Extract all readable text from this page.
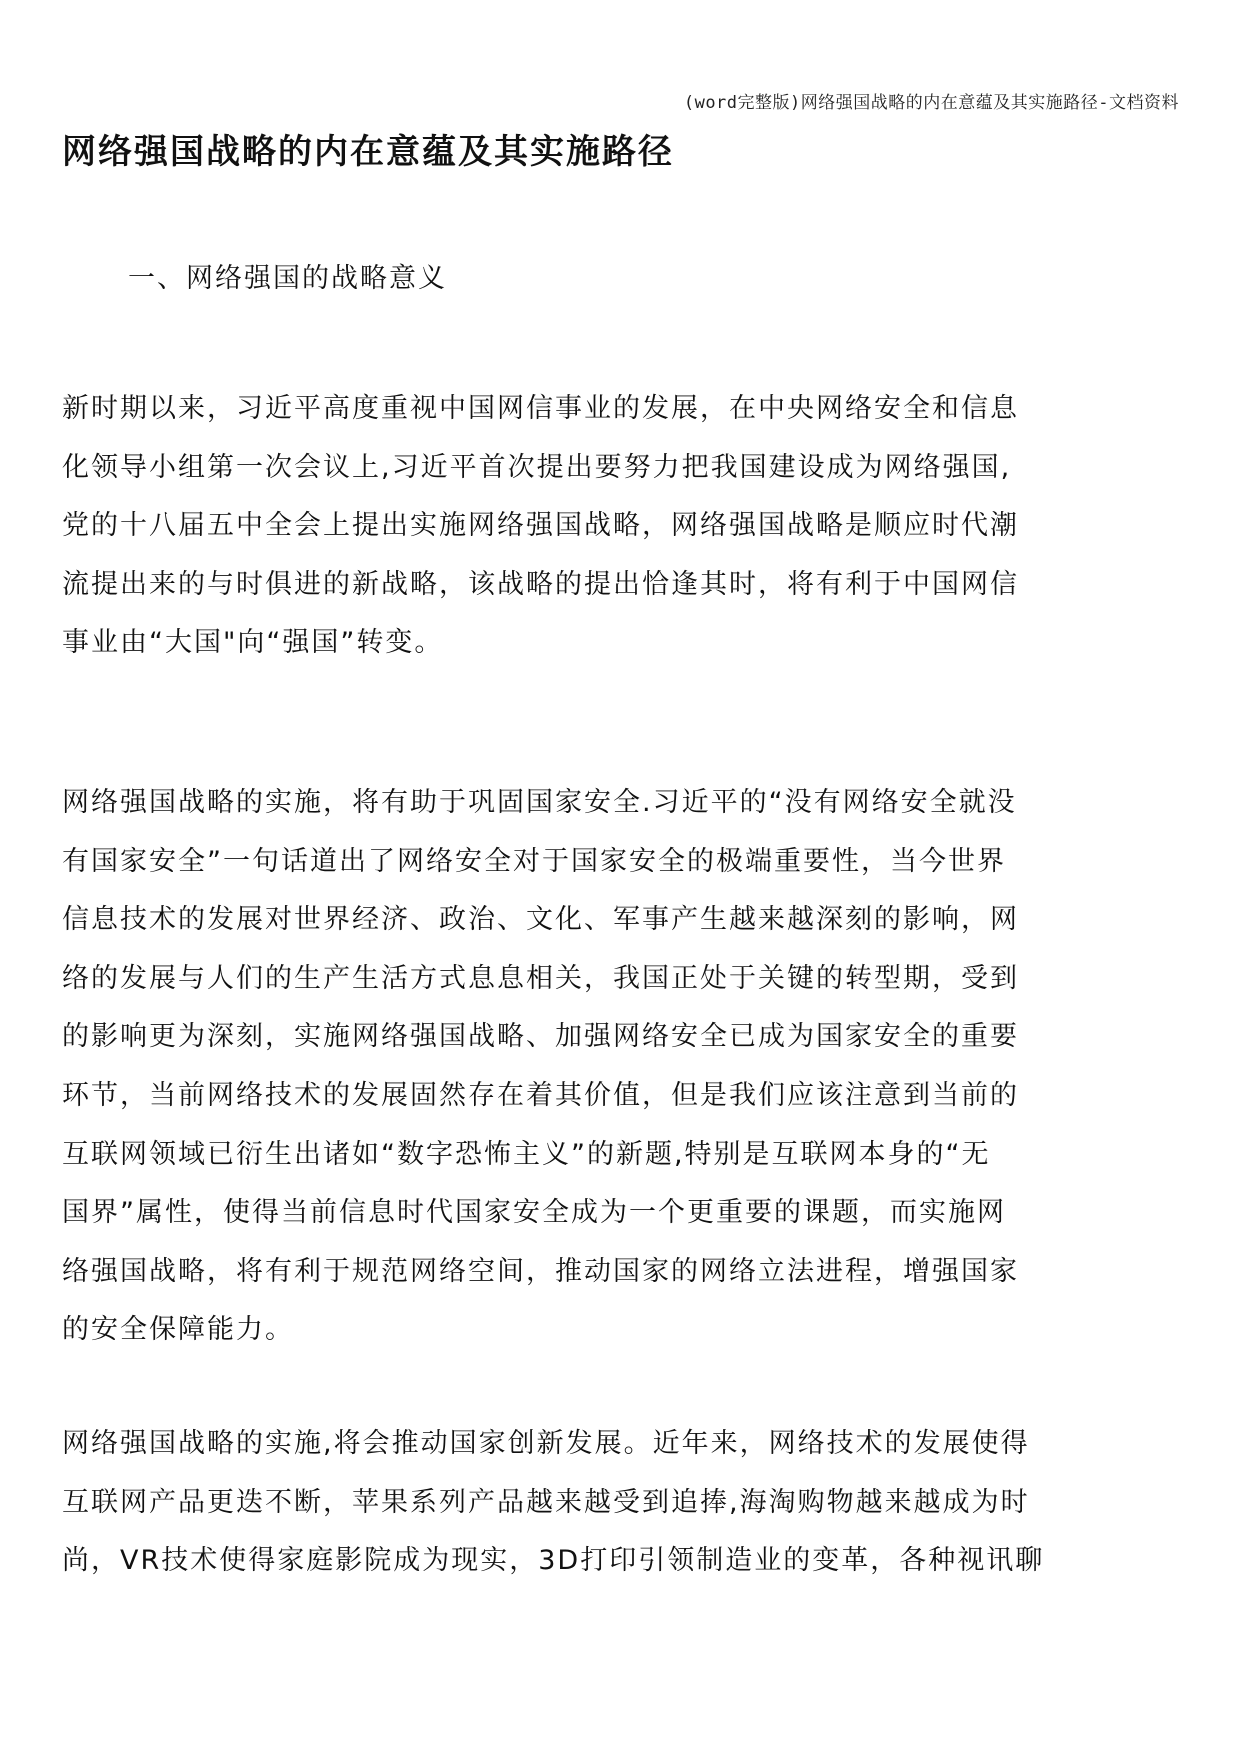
(word完整版)网络强国战略的内在意蕴及其实施路径-文档资料
网络强国战略的内在意蕴及其实施路径
一、网络强国的战略意义
新时期以来，习近平高度重视中国网信事业的发展，在中央网络安全和信息
化领导小组第一次会议上,习近平首次提出要努力把我国建设成为网络强国,
党的十八届五中全会上提出实施网络强国战略，网络强国战略是顺应时代潮
流提出来的与时俱进的新战略，该战略的提出恰逢其时，将有利于中国网信
事业由“大国"向“强国”转变。
网络强国战略的实施，将有助于巩固国家安全.习近平的“没有网络安全就没
有国家安全”一句话道出了网络安全对于国家安全的极端重要性，当今世界
信息技术的发展对世界经济、政治、文化、军事产生越来越深刻的影响，网
络的发展与人们的生产生活方式息息相关，我国正处于关键的转型期，受到
的影响更为深刻，实施网络强国战略、加强网络安全已成为国家安全的重要
环节，当前网络技术的发展固然存在着其价值，但是我们应该注意到当前的
互联网领域已衍生出诸如“数字恐怖主义”的新题,特别是互联网本身的“无
国界”属性，使得当前信息时代国家安全成为一个更重要的课题，而实施网
络强国战略，将有利于规范网络空间，推动国家的网络立法进程，增强国家
的安全保障能力。
网络强国战略的实施,将会推动国家创新发展。近年来，网络技术的发展使得
互联网产品更迭不断，苹果系列产品越来越受到追捧,海淘购物越来越成为时
尚，VR技术使得家庭影院成为现实，3D打印引领制造业的变革，各种视讯聊
